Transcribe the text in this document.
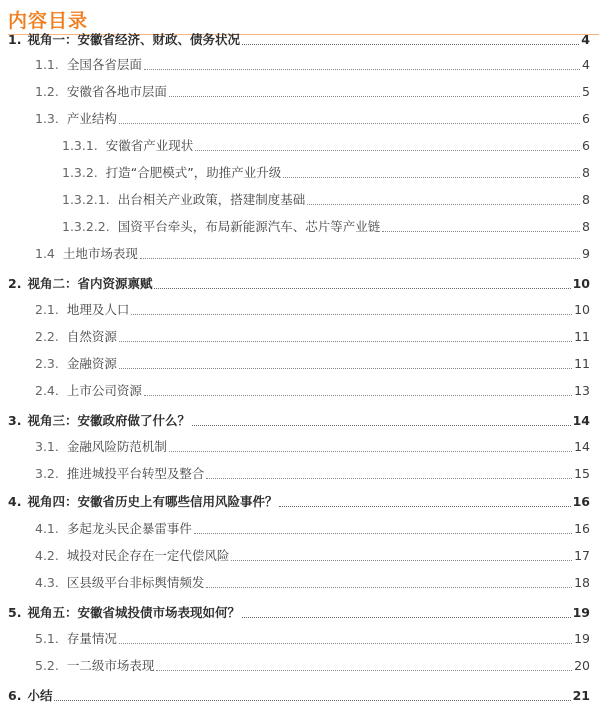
内容目录
1. 视角一：安徽省经济、财政、债务状况	4
1.1. 全国各省层面	4
1.2. 安徽省各地市层面	5
1.3. 产业结构	6
1.3.1. 安徽省产业现状	6
1.3.2. 打造“合肥模式”，助推产业升级	8
1.3.2.1. 出台相关产业政策，搭建制度基础	8
1.3.2.2. 国资平台牵头，布局新能源汽车、芯片等产业链	8
1.4 土地市场表现	9
2. 视角二：省内资源禀赋	10
2.1. 地理及人口	10
2.2. 自然资源	11
2.3. 金融资源	11
2.4. 上市公司资源	13
3. 视角三：安徽政府做了什么？	14
3.1. 金融风险防范机制	14
3.2. 推进城投平台转型及整合	15
4. 视角四：安徽省历史上有哪些信用风险事件？	16
4.1. 多起龙头民企暴雷事件	16
4.2. 城投对民企存在一定代偿风险	17
4.3. 区县级平台非标舆情频发	18
5. 视角五：安徽省城投债市场表现如何？	19
5.1. 存量情况	19
5.2. 一二级市场表现	20
6. 小结	21
